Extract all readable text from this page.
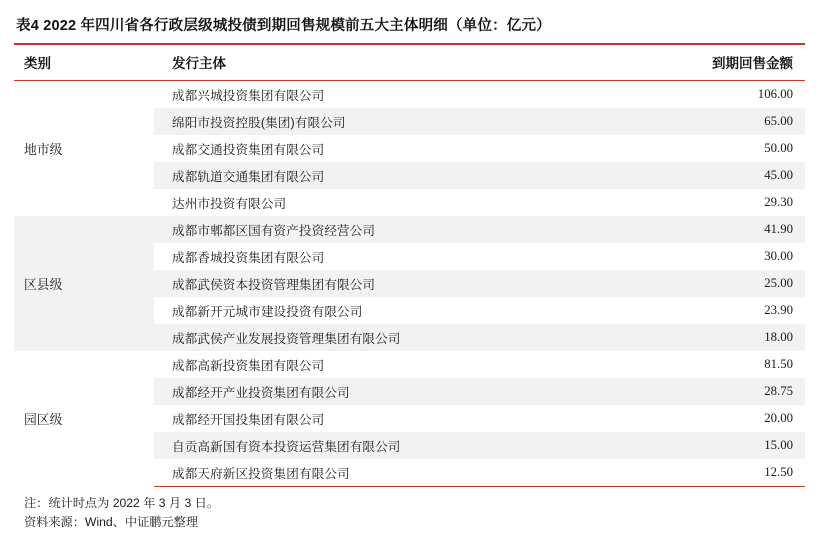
表4 2022 年四川省各行政层级城投债到期回售规模前五大主体明细（单位：亿元）
类别	发行主体	到期回售金额
地市级	成都兴城投资集团有限公司	106.00
	绵阳市投资控股(集团)有限公司	65.00
	成都交通投资集团有限公司	50.00
	成都轨道交通集团有限公司	45.00
	达州市投资有限公司	29.30
区县级	成都市郫都区国有资产投资经营公司	41.90
	成都香城投资集团有限公司	30.00
	成都武侯资本投资管理集团有限公司	25.00
	成都新开元城市建设投资有限公司	23.90
	成都武侯产业发展投资管理集团有限公司	18.00
园区级	成都高新投资集团有限公司	81.50
	成都经开产业投资集团有限公司	28.75
	成都经开国投集团有限公司	20.00
	自贡高新国有资本投资运营集团有限公司	15.00
	成都天府新区投资集团有限公司	12.50
注：统计时点为 2022 年 3 月 3 日。
资料来源：Wind、中证鹏元整理
